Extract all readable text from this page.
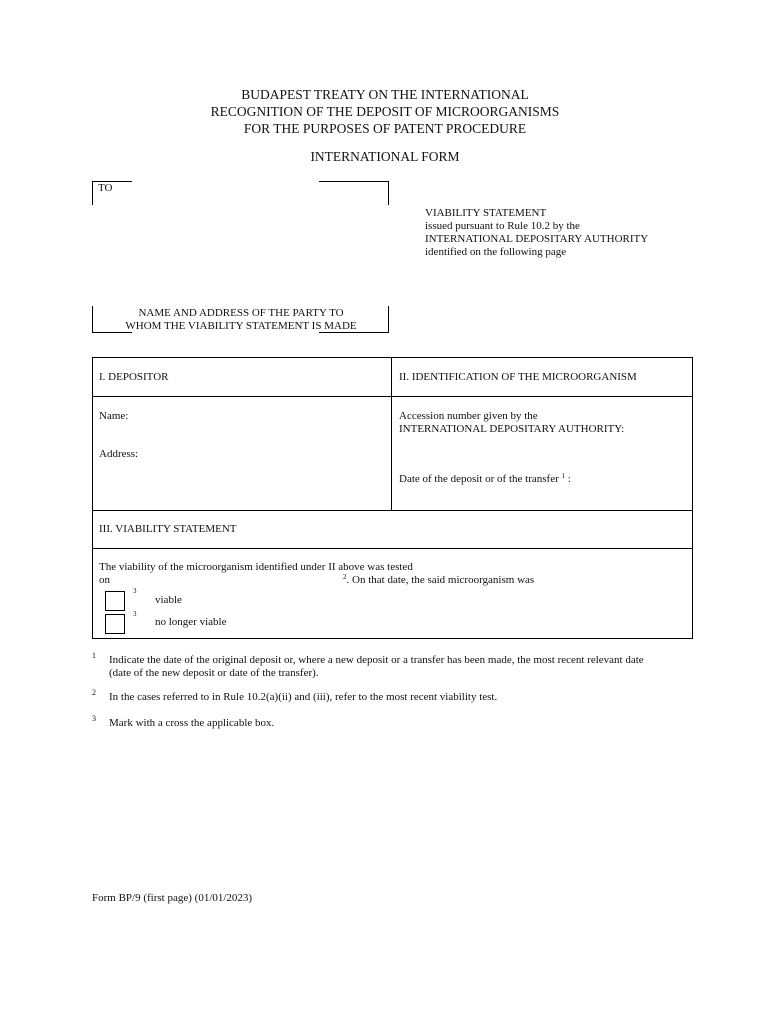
BUDAPEST TREATY ON THE INTERNATIONAL
RECOGNITION OF THE DEPOSIT OF MICROORGANISMS
FOR THE PURPOSES OF PATENT PROCEDURE
INTERNATIONAL FORM
TO
NAME AND ADDRESS OF THE PARTY TO
WHOM THE VIABILITY STATEMENT IS MADE
VIABILITY STATEMENT
issued pursuant to Rule 10.2 by the
INTERNATIONAL DEPOSITARY AUTHORITY
identified on the following page
I. DEPOSITOR
Name:
Address:
II. IDENTIFICATION OF THE MICROORGANISM
Accession number given by the
INTERNATIONAL DEPOSITARY AUTHORITY:
Date of the deposit or of the transfer $^1$ :
III. VIABILITY STATEMENT
The viability of the microorganism identified under II above was tested
on	$^2$. On that date, the said microorganism was
$^3$
viable
$^3$
no longer viable
1 Indicate the date of the original deposit or, where a new deposit or a transfer has been made, the most recent relevant date
(date of the new deposit or date of the transfer).
2 In the cases referred to in Rule 10.2(a)(ii) and (iii), refer to the most recent viability test.
3 Mark with a cross the applicable box.
Form BP/9 (first page) (01/01/2023)
